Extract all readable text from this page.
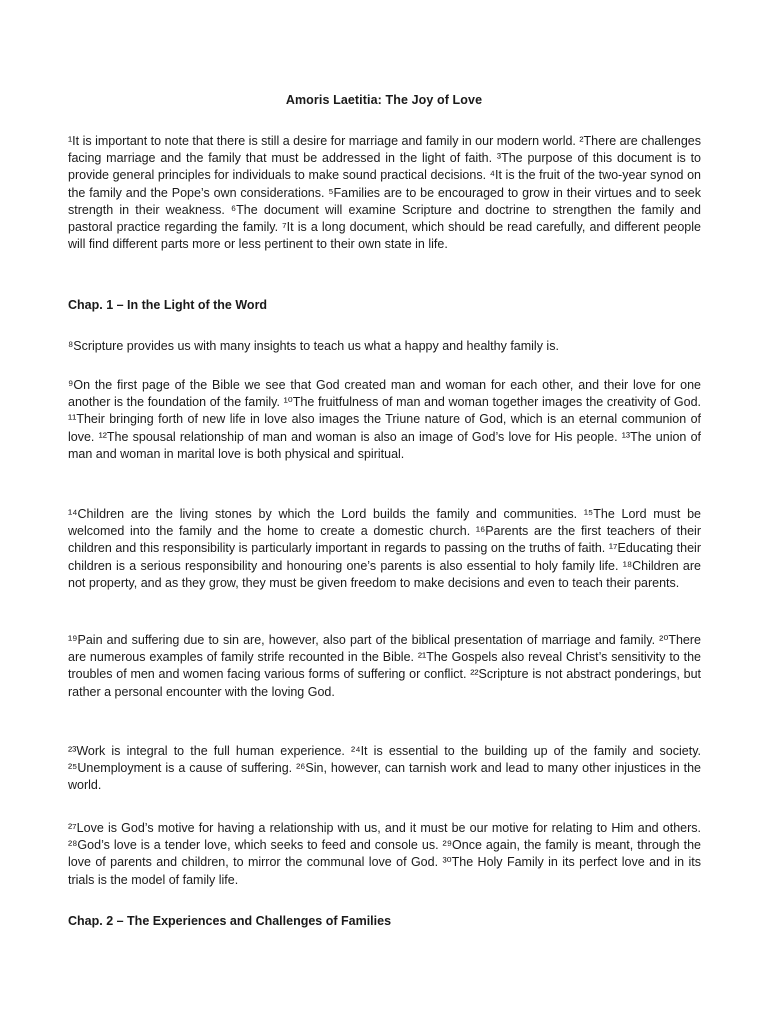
Amoris Laetitia: The Joy of Love

¹It is important to note that there is still a desire for marriage and family in our modern world. ²There are challenges facing marriage and the family that must be addressed in the light of faith. ³The purpose of this document is to provide general principles for individuals to make sound practical decisions. ⁴It is the fruit of the two-year synod on the family and the Pope’s own considerations. ⁵Families are to be encouraged to grow in their virtues and to seek strength in their weakness. ⁶The document will examine Scripture and doctrine to strengthen the family and pastoral practice regarding the family. ⁷It is a long document, which should be read carefully, and different people will find different parts more or less pertinent to their own state in life.

Chap. 1 – In the Light of the Word

⁸Scripture provides us with many insights to teach us what a happy and healthy family is.

⁹On the first page of the Bible we see that God created man and woman for each other, and their love for one another is the foundation of the family. ¹⁰The fruitfulness of man and woman together images the creativity of God. ¹¹Their bringing forth of new life in love also images the Triune nature of God, which is an eternal communion of love. ¹²The spousal relationship of man and woman is also an image of God’s love for His people. ¹³The union of man and woman in marital love is both physical and spiritual.

¹⁴Children are the living stones by which the Lord builds the family and communities. ¹⁵The Lord must be welcomed into the family and the home to create a domestic church. ¹⁶Parents are the first teachers of their children and this responsibility is particularly important in regards to passing on the truths of faith. ¹⁷Educating their children is a serious responsibility and honouring one’s parents is also essential to holy family life. ¹⁸Children are not property, and as they grow, they must be given freedom to make decisions and even to teach their parents.

¹⁹Pain and suffering due to sin are, however, also part of the biblical presentation of marriage and family. ²⁰There are numerous examples of family strife recounted in the Bible. ²¹The Gospels also reveal Christ’s sensitivity to the troubles of men and women facing various forms of suffering or conflict. ²²Scripture is not abstract ponderings, but rather a personal encounter with the loving God.

²³Work is integral to the full human experience. ²⁴It is essential to the building up of the family and society. ²⁵Unemployment is a cause of suffering. ²⁶Sin, however, can tarnish work and lead to many other injustices in the world.

²⁷Love is God’s motive for having a relationship with us, and it must be our motive for relating to Him and others. ²⁸God’s love is a tender love, which seeks to feed and console us. ²⁹Once again, the family is meant, through the love of parents and children, to mirror the communal love of God. ³⁰The Holy Family in its perfect love and in its trials is the model of family life.

Chap. 2 – The Experiences and Challenges of Families
